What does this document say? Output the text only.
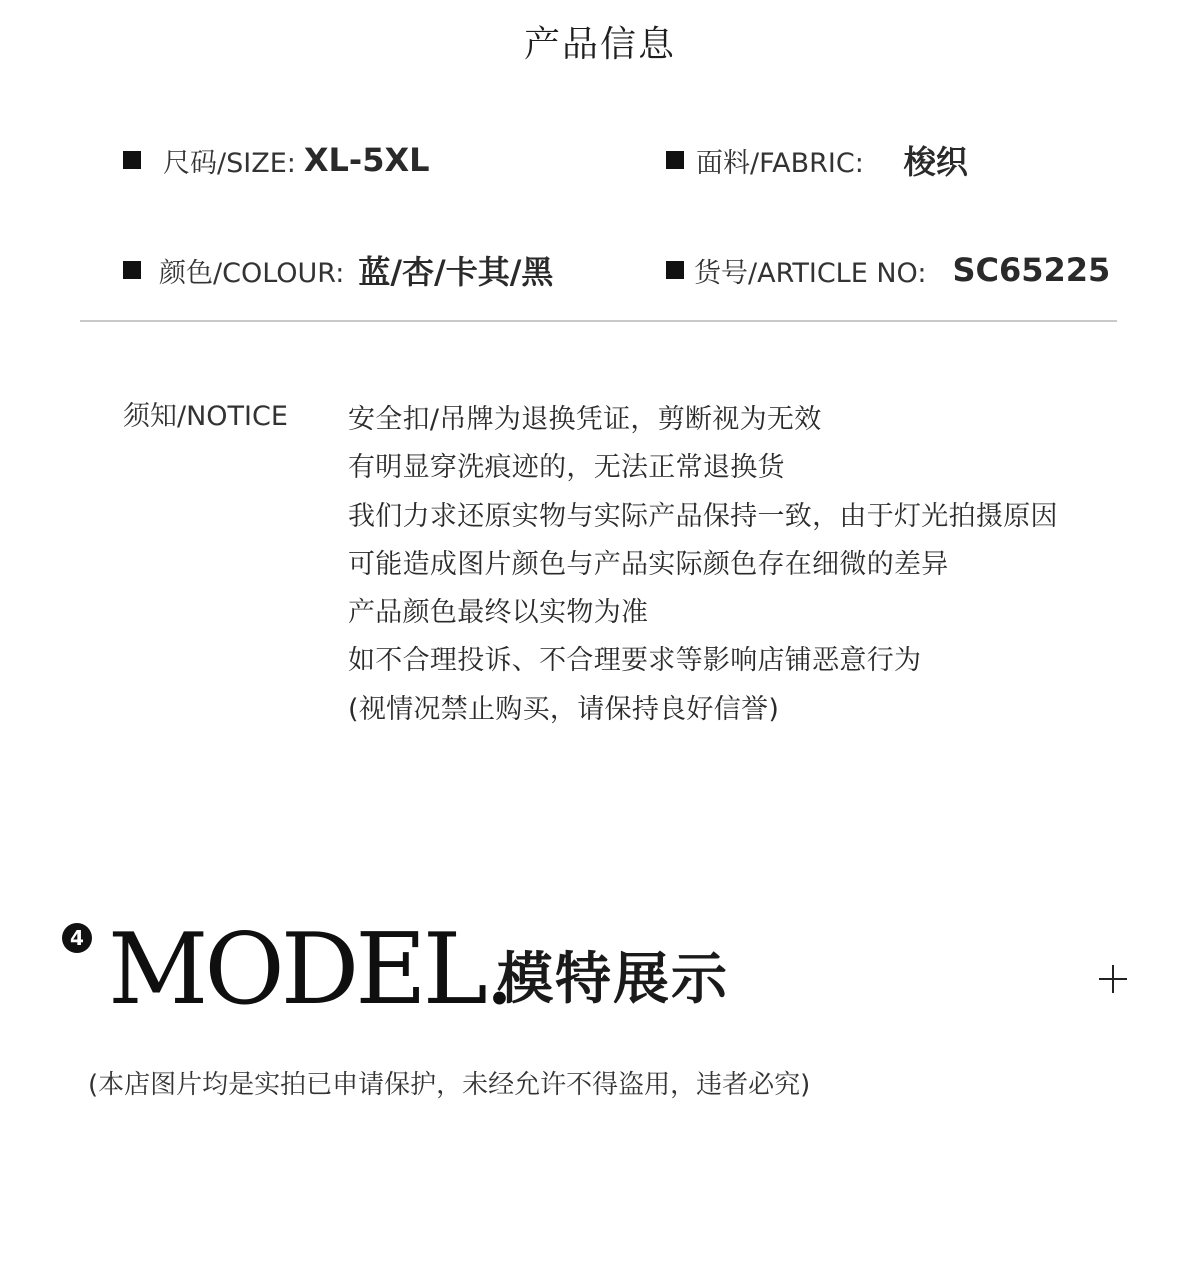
产品信息
尺码/SIZE: XL-5XL	面料/FABRIC: 梭织
颜色/COLOUR: 蓝/杏/卡其/黑	货号/ARTICLE NO: SC65225
须知/NOTICE 安全扣/吊牌为退换凭证，剪断视为无效
有明显穿洗痕迹的，无法正常退换货
我们力求还原实物与实际产品保持一致，由于灯光拍摄原因
可能造成图片颜色与产品实际颜色存在细微的差异
产品颜色最终以实物为准
如不合理投诉、不合理要求等影响店铺恶意行为
(视情况禁止购买，请保持良好信誉)
4 MODEL.
模特展示
(本店图片均是实拍已申请保护，未经允许不得盗用，违者必究)
